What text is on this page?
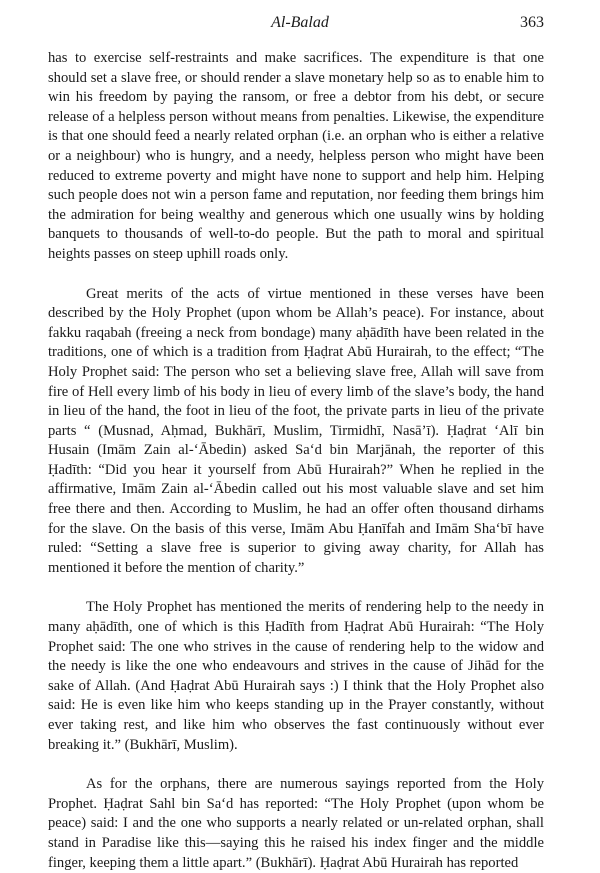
Al-Balad	363

has to exercise self-restraints and make sacrifices. The expenditure is that one should set a slave free, or should render a slave monetary help so as to enable him to win his freedom by paying the ransom, or free a debtor from his debt, or secure release of a helpless person without means from penalties. Likewise, the expenditure is that one should feed a nearly related orphan (i.e. an orphan who is either a relative or a neighbour) who is hungry, and a needy, helpless person who might have been reduced to extreme poverty and might have none to support and help him. Helping such people does not win a person fame and reputation, nor feeding them brings him the admiration for being wealthy and generous which one usually wins by holding banquets to thousands of well-to-do people. But the path to moral and spiritual heights passes on steep uphill roads only.

Great merits of the acts of virtue mentioned in these verses have been described by the Holy Prophet (upon whom be Allah’s peace). For instance, about fakku raqabah (freeing a neck from bondage) many aḥādīth have been related in the traditions, one of which is a tradition from Ḥaḍrat Abū Hurairah, to the effect; “The Holy Prophet said: The person who set a believing slave free, Allah will save from fire of Hell every limb of his body in lieu of every limb of the slave’s body, the hand in lieu of the hand, the foot in lieu of the foot, the private parts in lieu of the private parts “ (Musnad, Aḥmad, Bukhārī, Muslim, Tirmidhī, Nasā’ī). Ḥaḍrat ‘Alī bin Husain (Imām Zain al-‘Ābedin) asked Sa‘d bin Marjānah, the reporter of this Ḥadīth: “Did you hear it yourself from Abū Hurairah?” When he replied in the affirmative, Imām Zain al-‘Ābedin called out his most valuable slave and set him free there and then. According to Muslim, he had an offer often thousand dirhams for the slave. On the basis of this verse, Imām Abu Ḥanīfah and Imām Sha‘bī have ruled: “Setting a slave free is superior to giving away charity, for Allah has mentioned it before the mention of charity.”

The Holy Prophet has mentioned the merits of rendering help to the needy in many aḥādīth, one of which is this Ḥadīth from Ḥaḍrat Abū Hurairah: “The Holy Prophet said: The one who strives in the cause of rendering help to the widow and the needy is like the one who endeavours and strives in the cause of Jihād for the sake of Allah. (And Ḥaḍrat Abū Hurairah says :) I think that the Holy Prophet also said: He is even like him who keeps standing up in the Prayer constantly, without ever taking rest, and like him who observes the fast continuously without ever breaking it.” (Bukhārī, Muslim).

As for the orphans, there are numerous sayings reported from the Holy Prophet. Ḥaḍrat Sahl bin Sa‘d has reported: “The Holy Prophet (upon whom be peace) said: I and the one who supports a nearly related or un-related orphan, shall stand in Paradise like this—saying this he raised his index finger and the middle finger, keeping them a little apart.” (Bukhārī). Ḥaḍrat Abū Hurairah has reported
